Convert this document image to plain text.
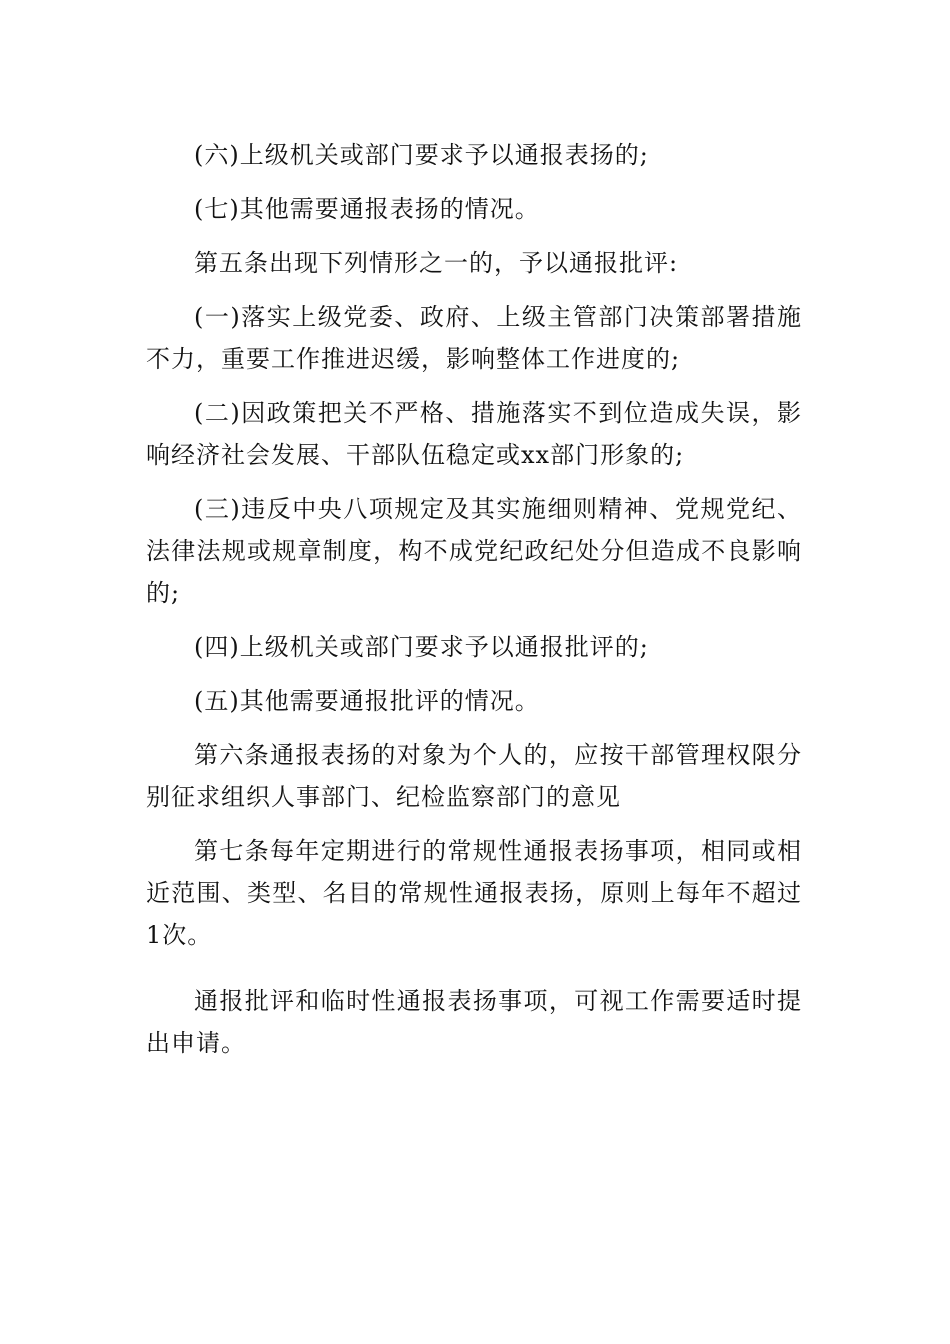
(六)上级机关或部门要求予以通报表扬的;

(七)其他需要通报表扬的情况。

第五条出现下列情形之一的，予以通报批评:

(一)落实上级党委、政府、上级主管部门决策部署措施不力，重要工作推进迟缓，影响整体工作进度的;

(二)因政策把关不严格、措施落实不到位造成失误，影响经济社会发展、干部队伍稳定或xx部门形象的;

(三)违反中央八项规定及其实施细则精神、党规党纪、法律法规或规章制度，构不成党纪政纪处分但造成不良影响的;

(四)上级机关或部门要求予以通报批评的;

(五)其他需要通报批评的情况。

第六条通报表扬的对象为个人的，应按干部管理权限分别征求组织人事部门、纪检监察部门的意见

第七条每年定期进行的常规性通报表扬事项，相同或相近范围、类型、名目的常规性通报表扬，原则上每年不超过1次。

通报批评和临时性通报表扬事项，可视工作需要适时提出申请。
